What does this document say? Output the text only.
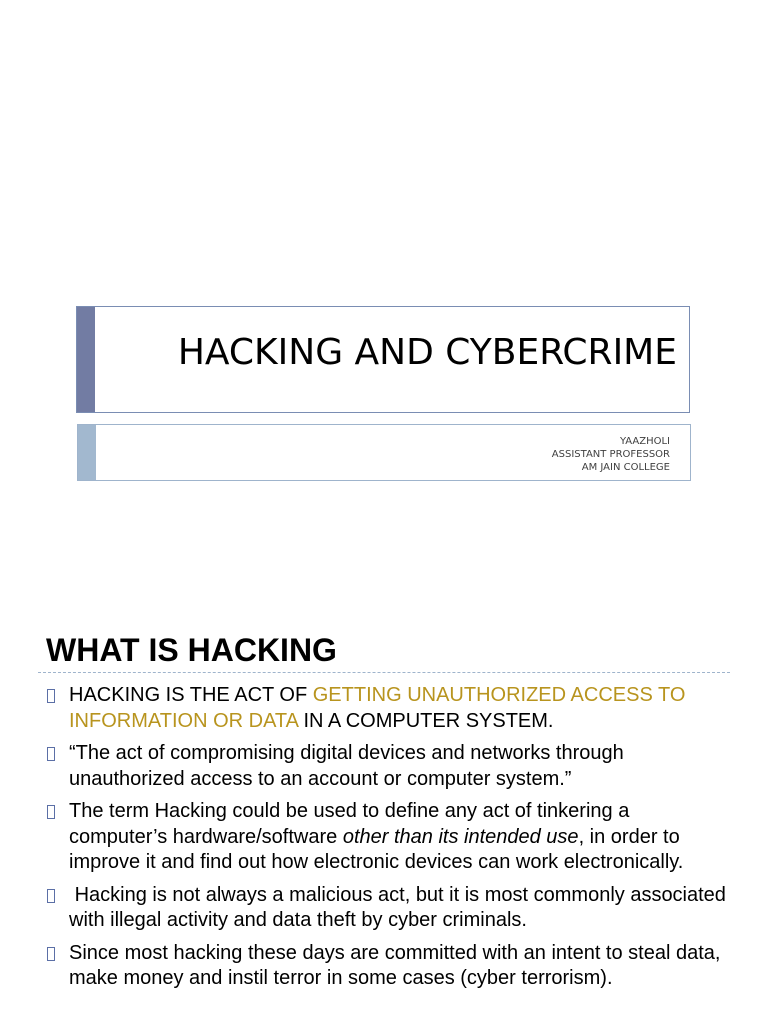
HACKING AND CYBERCRIME
YAAZHOLI
ASSISTANT PROFESSOR
AM JAIN COLLEGE
WHAT IS HACKING
HACKING IS THE ACT OF GETTING UNAUTHORIZED ACCESS TO INFORMATION OR DATA IN A COMPUTER SYSTEM.
“The act of compromising digital devices and networks through unauthorized access to an account or computer system.”
The term Hacking could be used to define any act of tinkering a computer’s hardware/software other than its intended use, in order to improve it and find out how electronic devices can work electronically.
Hacking is not always a malicious act, but it is most commonly associated with illegal activity and data theft by cyber criminals.
Since most hacking these days are committed with an intent to steal data, make money and instil terror in some cases (cyber terrorism).
